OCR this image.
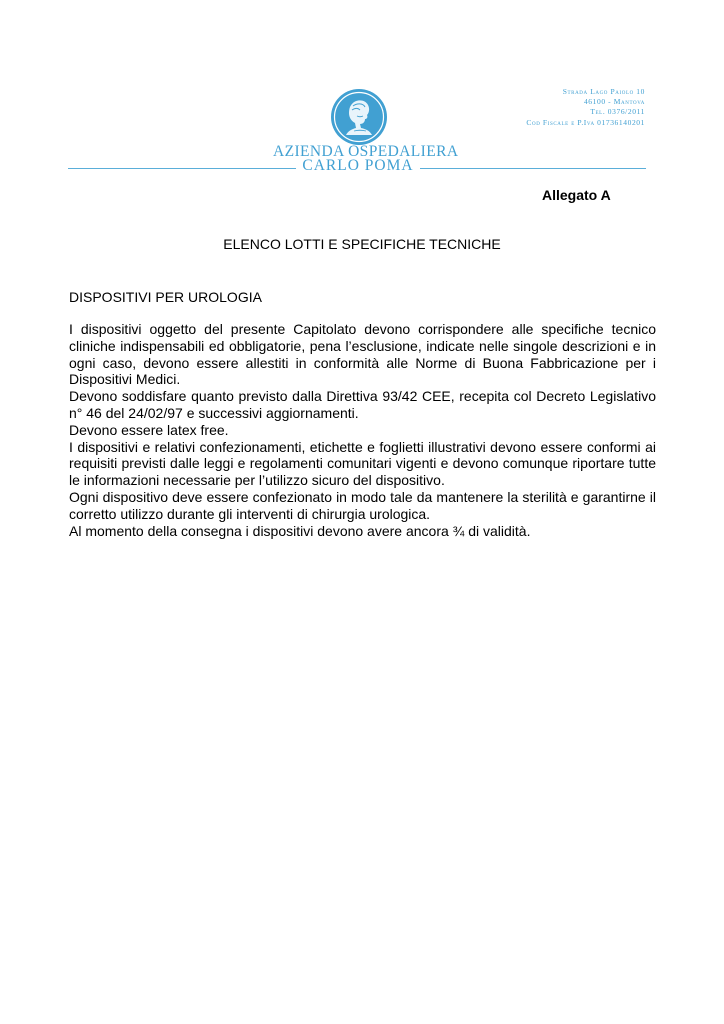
AZIENDA OSPEDALIERA
CARLO POMA
Strada Lago Paiolo 10
46100 - Mantova
Tel. 0376/2011
Cod Fiscale e P.Iva 01736140201
Allegato A
ELENCO LOTTI E SPECIFICHE TECNICHE
DISPOSITIVI PER UROLOGIA

I dispositivi oggetto del presente Capitolato devono corrispondere alle specifiche tecnico cliniche indispensabili ed obbligatorie, pena l’esclusione, indicate nelle singole descrizioni e in ogni caso, devono essere allestiti in conformità alle Norme di Buona Fabbricazione per i Dispositivi Medici.

Devono soddisfare quanto previsto dalla Direttiva 93/42 CEE, recepita col Decreto Legislativo n° 46 del 24/02/97 e successivi aggiornamenti.

Devono essere latex free.

I dispositivi e relativi confezionamenti, etichette e foglietti illustrativi devono essere conformi ai requisiti previsti dalle leggi e regolamenti comunitari vigenti e devono comunque riportare tutte le informazioni necessarie per l’utilizzo sicuro del dispositivo.

Ogni dispositivo deve essere confezionato in modo tale da mantenere la sterilità e garantirne il corretto utilizzo durante gli interventi di chirurgia urologica.

Al momento della consegna i dispositivi devono avere ancora ¾ di validità.
